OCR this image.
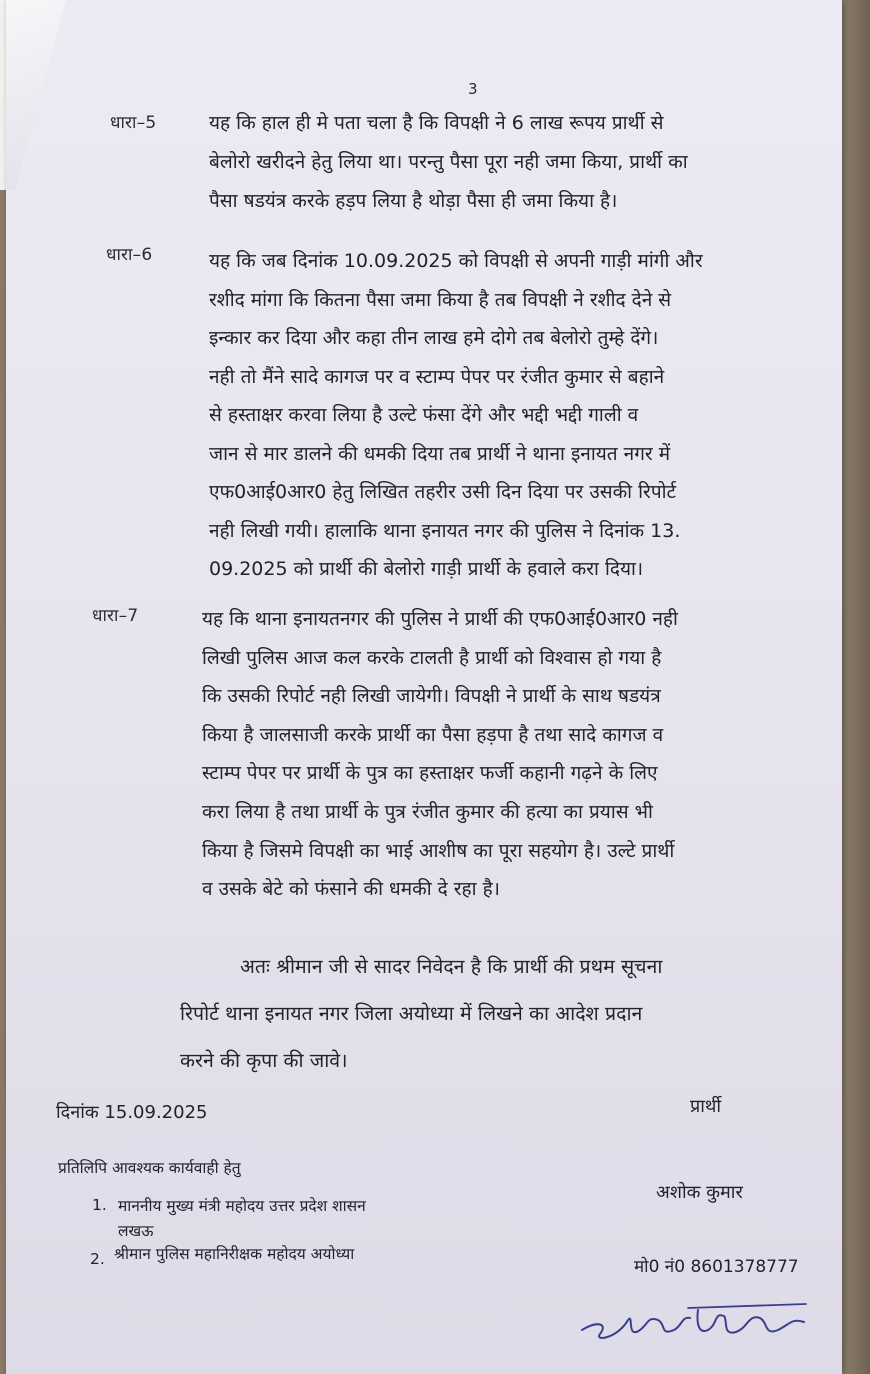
3
धारा–5	यह कि हाल ही मे पता चला है कि विपक्षी ने 6 लाख रूपय प्रार्थी से
बेलोरो खरीदने हेतु लिया था। परन्तु पैसा पूरा नही जमा किया, प्रार्थी का
पैसा षडयंत्र करके हड़प लिया है थोड़ा पैसा ही जमा किया है।
धारा–6	यह कि जब दिनांक 10.09.2025 को विपक्षी से अपनी गाड़ी मांगी और
रशीद मांगा कि कितना पैसा जमा किया है तब विपक्षी ने रशीद देने से
इन्कार कर दिया और कहा तीन लाख हमे दोगे तब बेलोरो तुम्हे देंगे।
नही तो मैंने सादे कागज पर व स्टाम्प पेपर पर रंजीत कुमार से बहाने
से हस्ताक्षर करवा लिया है उल्टे फंसा देंगे और भद्दी भद्दी गाली व
जान से मार डालने की धमकी दिया तब प्रार्थी ने थाना इनायत नगर में
एफ0आई0आर0 हेतु लिखित तहरीर उसी दिन दिया पर उसकी रिपोर्ट
नही लिखी गयी। हालाकि थाना इनायत नगर की पुलिस ने दिनांक 13.
09.2025 को प्रार्थी की बेलोरो गाड़ी प्रार्थी के हवाले करा दिया।
धारा–7	यह कि थाना इनायतनगर की पुलिस ने प्रार्थी की एफ0आई0आर0 नही
लिखी पुलिस आज कल करके टालती है प्रार्थी को विश्वास हो गया है
कि उसकी रिपोर्ट नही लिखी जायेगी। विपक्षी ने प्रार्थी के साथ षडयंत्र
किया है जालसाजी करके प्रार्थी का पैसा हड़पा है तथा सादे कागज व
स्टाम्प पेपर पर प्रार्थी के पुत्र का हस्ताक्षर फर्जी कहानी गढ़ने के लिए
करा लिया है तथा प्रार्थी के पुत्र रंजीत कुमार की हत्या का प्रयास भी
किया है जिसमे विपक्षी का भाई आशीष का पूरा सहयोग है। उल्टे प्रार्थी
व उसके बेटे को फंसाने की धमकी दे रहा है।
अतः श्रीमान जी से सादर निवेदन है कि प्रार्थी की प्रथम सूचना
रिपोर्ट थाना इनायत नगर जिला अयोध्या में लिखने का आदेश प्रदान
करने की कृपा की जावे।
दिनांक 15.09.2025	प्रार्थी
प्रतिलिपि आवश्यक कार्यवाही हेतु
1. माननीय मुख्य मंत्री महोदय उत्तर प्रदेश शासन
लखऊ
2. श्रीमान पुलिस महानिरीक्षक महोदय अयोध्या
अशोक कुमार
मो0 नं0 8601378777
